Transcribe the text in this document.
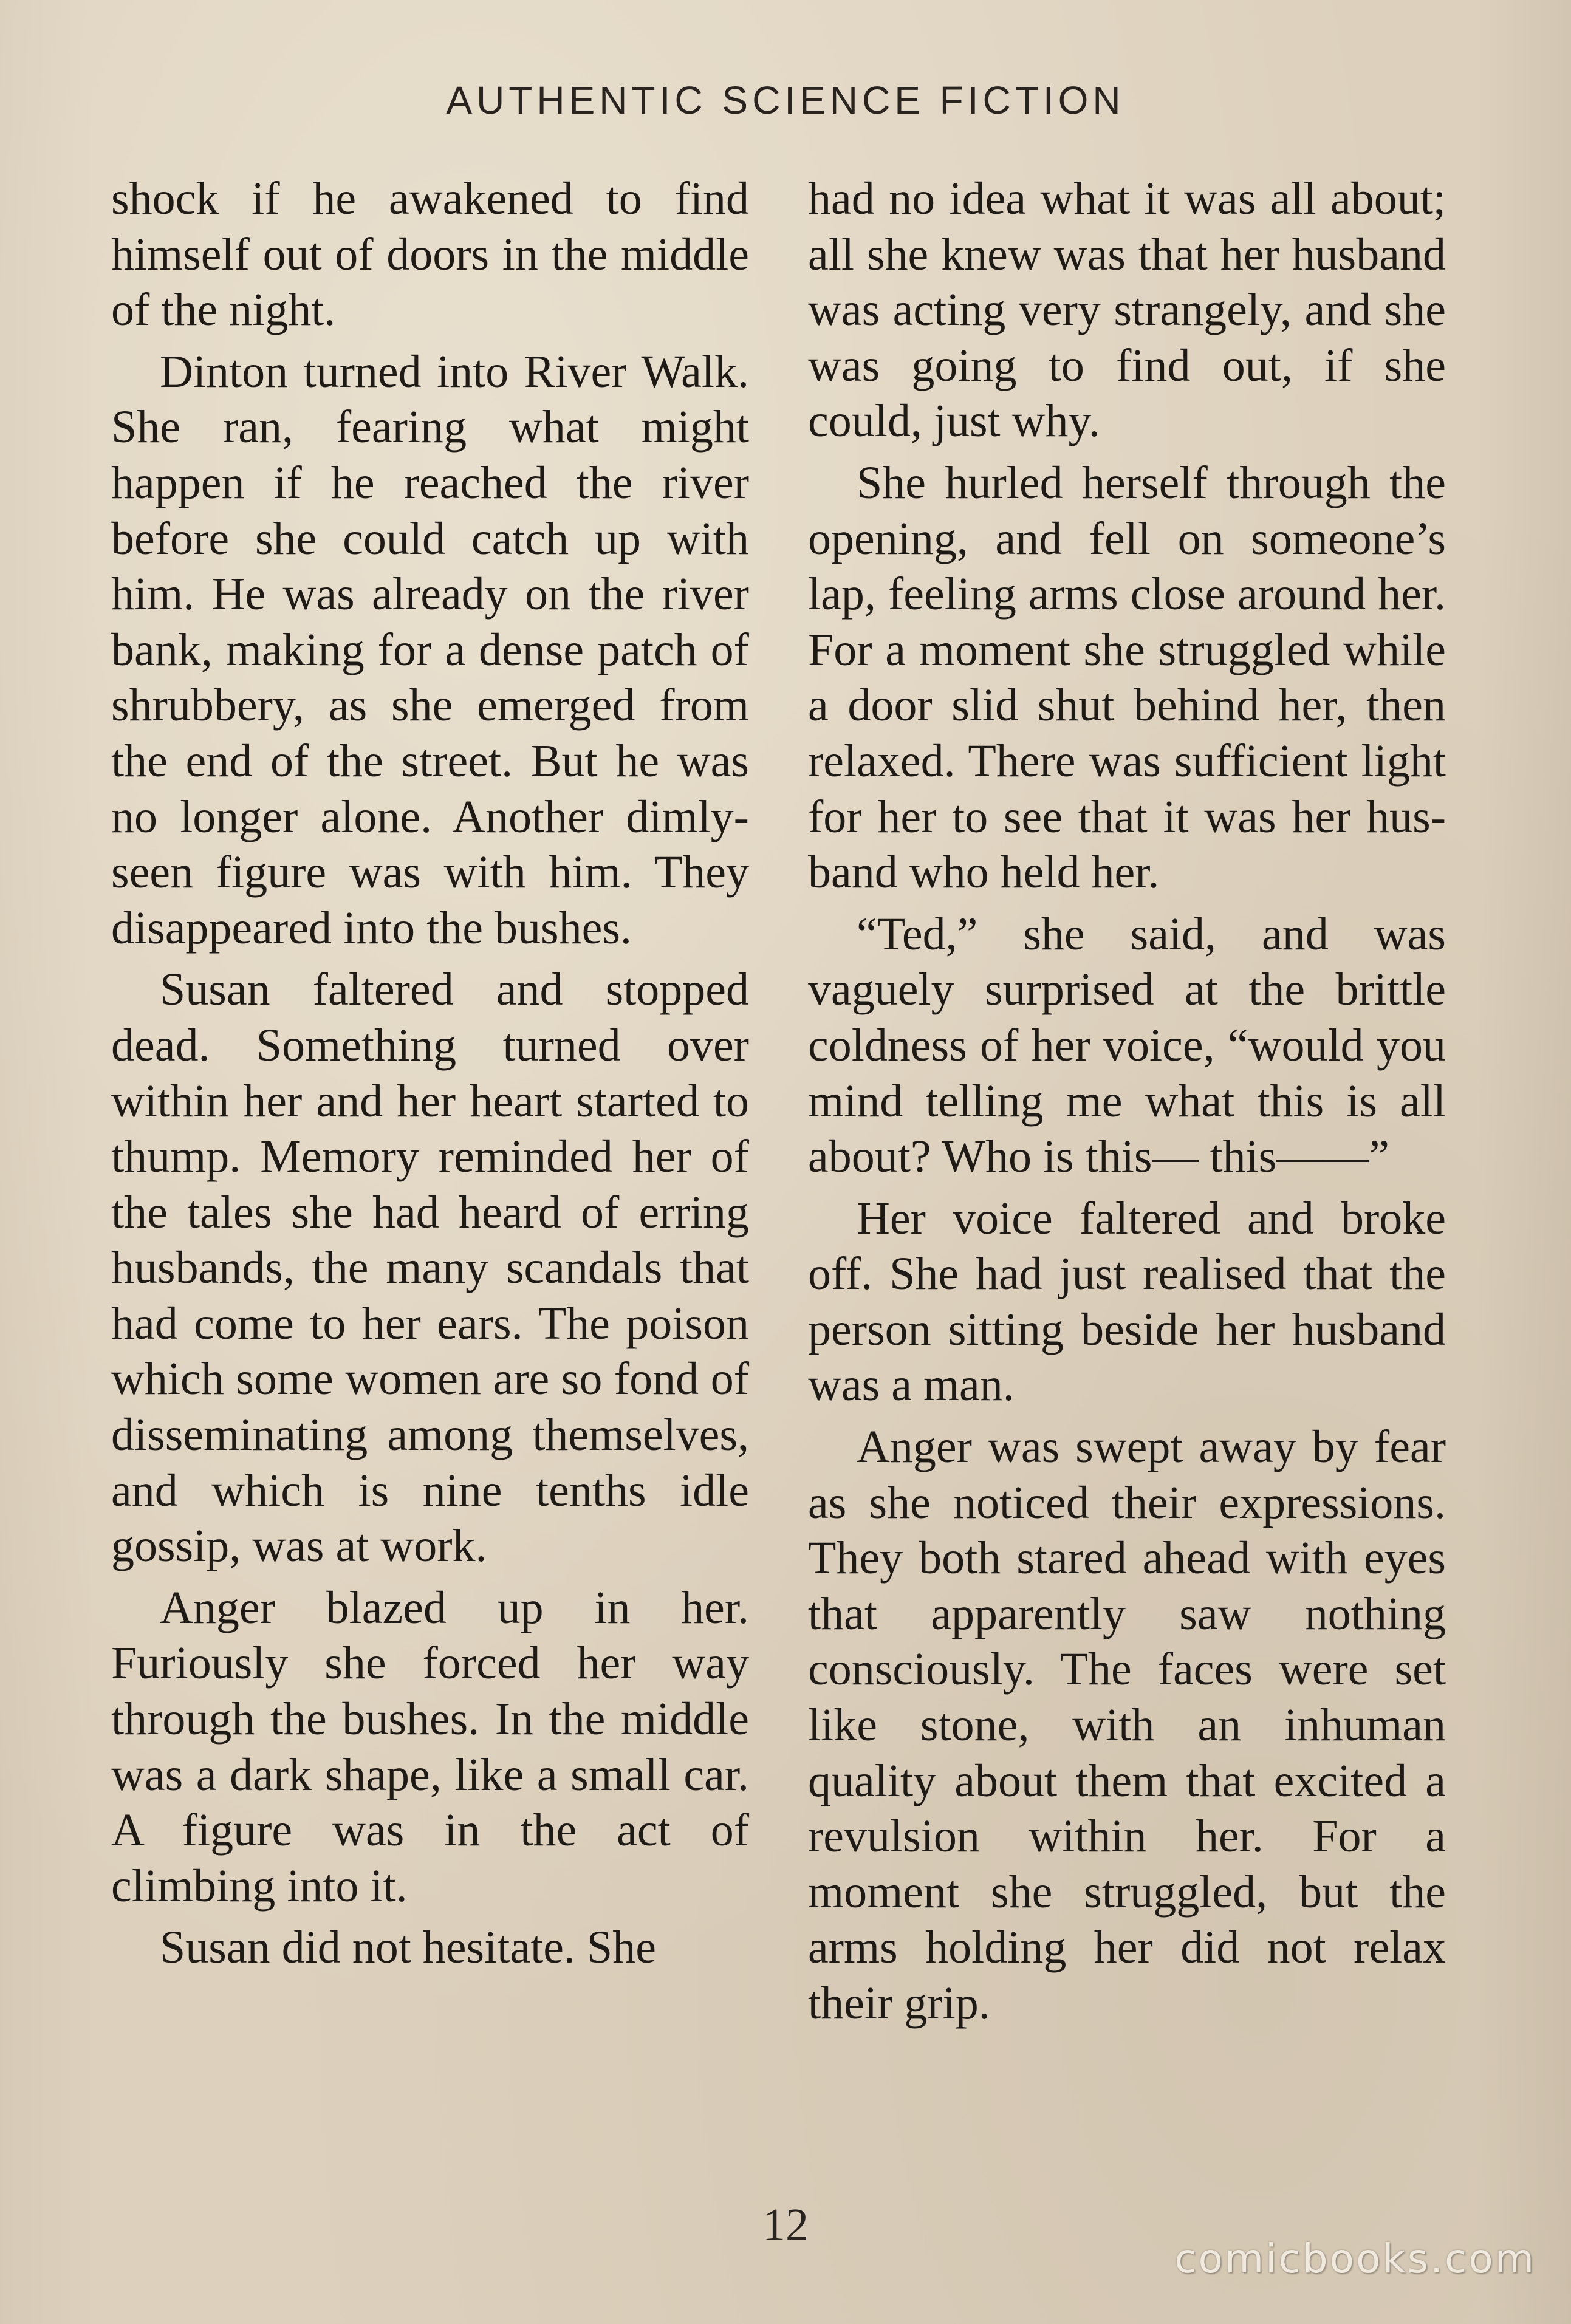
AUTHENTIC SCIENCE FICTION

shock if he awakened to find himself out of doors in the middle of the night.

Dinton turned into River Walk. She ran, fearing what might happen if he reached the river before she could catch up with him. He was already on the river bank, making for a dense patch of shrubbery, as she emerged from the end of the street. But he was no longer alone. Another dimly-seen figure was with him. They disappeared into the bushes.

Susan faltered and stopped dead. Something turned over within her and her heart started to thump. Memory reminded her of the tales she had heard of erring husbands, the many scandals that had come to her ears. The poison which some women are so fond of disseminating among themselves, and which is nine tenths idle gossip, was at work.

Anger blazed up in her. Furiously she forced her way through the bushes. In the middle was a dark shape, like a small car. A figure was in the act of climbing into it.

Susan did not hesitate. She

had no idea what it was all about; all she knew was that her husband was acting very strangely, and she was going to find out, if she could, just why.

She hurled herself through the opening, and fell on someone’s lap, feeling arms close around her. For a moment she struggled while a door slid shut behind her, then relaxed. There was sufficient light for her to see that it was her husband who held her.

“Ted,” she said, and was vaguely surprised at the brittle coldness of her voice, “would you mind telling me what this is all about? Who is this— this——”

Her voice faltered and broke off. She had just realised that the person sitting beside her husband was a man.

Anger was swept away by fear as she noticed their expressions. They both stared ahead with eyes that apparently saw nothing consciously. The faces were set like stone, with an inhuman quality about them that excited a revulsion within her. For a moment she struggled, but the arms holding her did not relax their grip.

12
comicbooks.com
